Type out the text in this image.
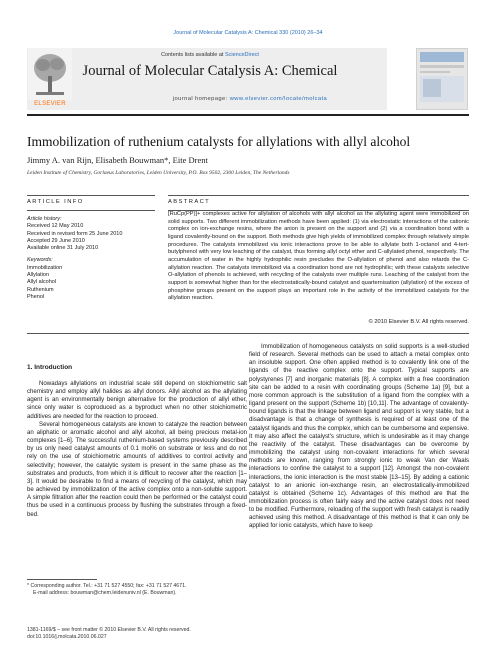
Journal of Molecular Catalysis A: Chemical 330 (2010) 26–34
ELSEVIER
Contents lists available at ScienceDirect
Journal of Molecular Catalysis A: Chemical
journal homepage: www.elsevier.com/locate/molcata
Immobilization of ruthenium catalysts for allylations with allyl alcohol
Jimmy A. van Rijn, Elisabeth Bouwman*, Eite Drent
Leiden Institute of Chemistry, Gorlaeus Laboratories, Leiden University, P.O. Box 9502, 2300 Leiden, The Netherlands
ARTICLE INFO
Article history:
Received 12 May 2010
Received in revised form 25 June 2010
Accepted 29 June 2010
Available online 31 July 2010
Keywords:
Immobilization
Allylation
Allyl alcohol
Ruthenium
Phenol
ABSTRACT
[RuCp(PP)]+ complexes active for allylation of alcohols with allyl alcohol as the allylating agent were immobilized on solid supports. Two different immobilization methods have been applied: (1) via electrostatic interactions of the cationic complex on ion-exchange resins, where the anion is present on the support and (2) via a coordination bond with a ligand covalently-bound on the support. Both methods give high yields of immobilized complex through relatively simple procedures. The catalysts immobilized via ionic interactions prove to be able to allylate both 1-octanol and 4-tert-butylphenol with very low leaching of the catalyst, thus forming allyl octyl ether and C-allylated phenol, respectively. The accumulation of water in the highly hydrophilic resin precludes the O-allylation of phenol and also retards the C-allylation reaction. The catalysts immobilized via a coordination bond are not hydrophilic; with these catalysts selective O-allylation of phenols is achieved, with recycling of the catalysts over multiple runs. Leaching of the catalyst from the support is somewhat higher than for the electrostatically-bound catalyst and quarternisation (allylation) of the excess of phosphine groups present on the support plays an important role in the activity of the immobilized catalysts for the allylation reaction.
© 2010 Elsevier B.V. All rights reserved.
1. Introduction

Nowadays allylations on industrial scale still depend on stoichiometric salt chemistry and employ allyl halides as allyl donors. Allyl alcohol as the allylating agent is an environmentally benign alternative for the production of allyl ether, since only water is coproduced as a byproduct when no other stoichiometric additives are needed for the reaction to proceed.

Several homogeneous catalysts are known to catalyze the reaction between an aliphatic or aromatic alcohol and allyl alcohol, all being precious metal-ion complexes [1–6]. The successful ruthenium-based systems previously described by us only need catalyst amounts of 0.1 mol% on substrate or less and do not rely on the use of stoichiometric amounts of additives to control activity and selectivity; however, the catalytic system is present in the same phase as the substrates and products, from which it is difficult to recover after the reaction [1–3]. It would be desirable to find a means of recycling of the catalyst, which may be achieved by immobilization of the active complex onto a non-soluble support. A simple filtration after the reaction could then be performed or the catalyst could thus be used in a continuous process by flushing the substrates through a fixed-bed.

Immobilization of homogeneous catalysts on solid supports is a well-studied field of research. Several methods can be used to attach a metal complex onto an insoluble support. One often applied method is to covalently link one of the ligands of the reactive complex onto the support. Typical supports are polystyrenes [7] and inorganic materials [8]. A complex with a free coordination site can be added to a resin with coordinating groups (Scheme 1a) [9], but a more common approach is the substitution of a ligand from the complex with a ligand present on the support (Scheme 1b) [10,11]. The advantage of covalently-bound ligands is that the linkage between ligand and support is very stable, but a disadvantage is that a change of synthesis is required of at least one of the catalyst ligands and thus the complex, which can be cumbersome and expensive. It may also affect the catalyst's structure, which is undesirable as it may change the reactivity of the catalyst. These disadvantages can be overcome by immobilizing the catalyst using non-covalent interactions for which several methods are known, ranging from strongly ionic to weak Van der Waals interactions to confine the catalyst to a support [12]. Amongst the non-covalent interactions, the ionic interaction is the most stable [13–15]. By adding a cationic catalyst to an anionic ion-exchange resin, an electrostatically-immobilized catalyst is obtained (Scheme 1c). Advantages of this method are that the immobilization process is often fairly easy and the active catalyst does not need to be modified. Furthermore, reloading of the support with fresh catalyst is readily achieved using this method. A disadvantage of this method is that it can only be applied for ionic catalysts, which have to keep

* Corresponding author. Tel.: +31 71 527 4550; fax: +31 71 527 4671.
E-mail address: bouwman@chem.leidenuniv.nl (E. Bouwman).
1381-1169/$ – see front matter © 2010 Elsevier B.V. All rights reserved.
doi:10.1016/j.molcata.2010.06.027
